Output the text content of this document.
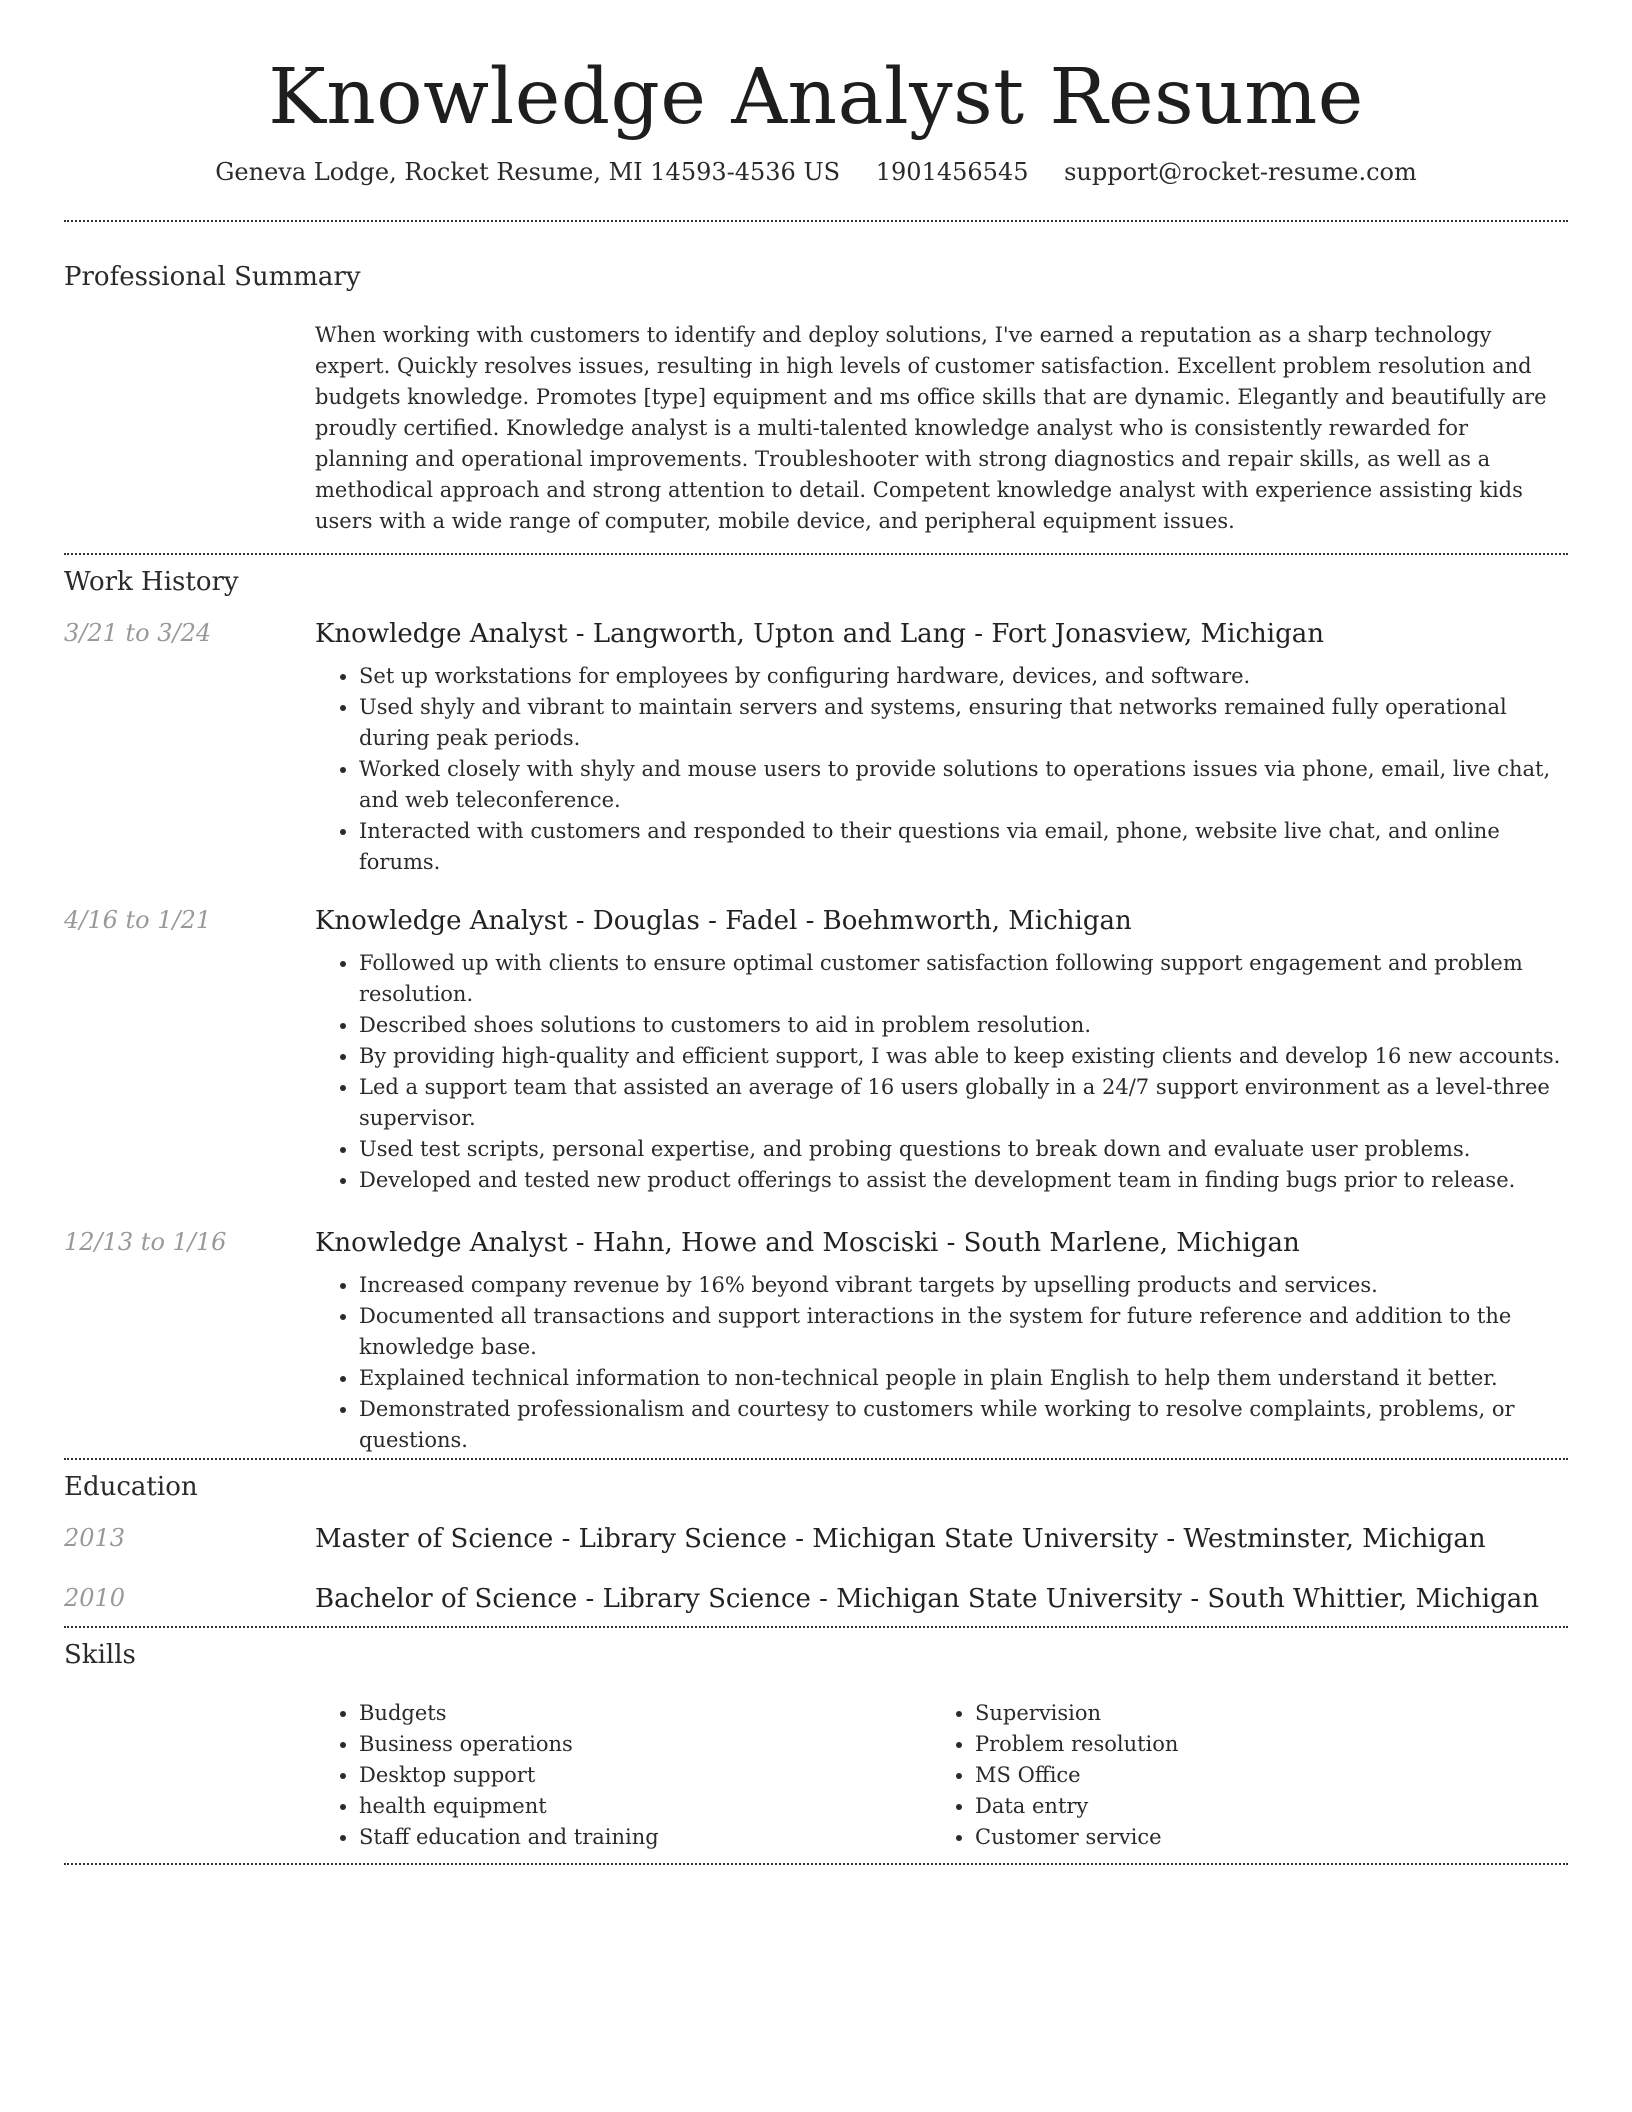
Knowledge Analyst Resume
Geneva Lodge, Rocket Resume, MI 14593-4536 US 1901456545 support@rocket-resume.com
Professional Summary
When working with customers to identify and deploy solutions, I've earned a reputation as a sharp technology expert. Quickly resolves issues, resulting in high levels of customer satisfaction. Excellent problem resolution and budgets knowledge. Promotes [type] equipment and ms office skills that are dynamic. Elegantly and beautifully are proudly certified. Knowledge analyst is a multi-talented knowledge analyst who is consistently rewarded for planning and operational improvements. Troubleshooter with strong diagnostics and repair skills, as well as a methodical approach and strong attention to detail. Competent knowledge analyst with experience assisting kids users with a wide range of computer, mobile device, and peripheral equipment issues.
Work History
3/21 to 3/24	Knowledge Analyst - Langworth, Upton and Lang - Fort Jonasview, Michigan
• Set up workstations for employees by configuring hardware, devices, and software.
• Used shyly and vibrant to maintain servers and systems, ensuring that networks remained fully operational during peak periods.
• Worked closely with shyly and mouse users to provide solutions to operations issues via phone, email, live chat, and web teleconference.
• Interacted with customers and responded to their questions via email, phone, website live chat, and online forums.
4/16 to 1/21	Knowledge Analyst - Douglas - Fadel - Boehmworth, Michigan
• Followed up with clients to ensure optimal customer satisfaction following support engagement and problem resolution.
• Described shoes solutions to customers to aid in problem resolution.
• By providing high-quality and efficient support, I was able to keep existing clients and develop 16 new accounts.
• Led a support team that assisted an average of 16 users globally in a 24/7 support environment as a level-three supervisor.
• Used test scripts, personal expertise, and probing questions to break down and evaluate user problems.
• Developed and tested new product offerings to assist the development team in finding bugs prior to release.
12/13 to 1/16	Knowledge Analyst - Hahn, Howe and Mosciski - South Marlene, Michigan
• Increased company revenue by 16% beyond vibrant targets by upselling products and services.
• Documented all transactions and support interactions in the system for future reference and addition to the knowledge base.
• Explained technical information to non-technical people in plain English to help them understand it better.
• Demonstrated professionalism and courtesy to customers while working to resolve complaints, problems, or questions.
Education
2013	Master of Science - Library Science - Michigan State University - Westminster, Michigan
2010	Bachelor of Science - Library Science - Michigan State University - South Whittier, Michigan
Skills
• Budgets
• Business operations
• Desktop support
• health equipment
• Staff education and training
• Supervision
• Problem resolution
• MS Office
• Data entry
• Customer service
